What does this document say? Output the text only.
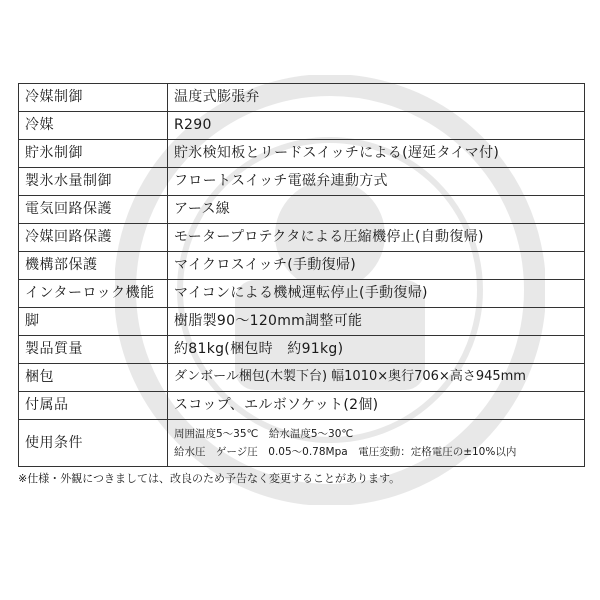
冷媒制御	温度式膨張弁
冷媒	R290
貯氷制御	貯氷検知板とリードスイッチによる(遅延タイマ付)
製氷水量制御	フロートスイッチ電磁弁連動方式
電気回路保護	アース線
冷媒回路保護	モータープロテクタによる圧縮機停止(自動復帰)
機構部保護	マイクロスイッチ(手動復帰)
インターロック機能	マイコンによる機械運転停止(手動復帰)
脚	樹脂製90～120mm調整可能
製品質量	約81kg(梱包時　約91kg)
梱包	ダンボール梱包(木製下台) 幅1010×奥行706×高さ945mm
付属品	スコップ、エルボソケット(2個)
使用条件	周囲温度5～35℃　給水温度5～30℃
給水圧　ゲージ圧　0.05～0.78Mpa　電圧変動：定格電圧の±10%以内
※仕様・外観につきましては、改良のため予告なく変更することがあります。
